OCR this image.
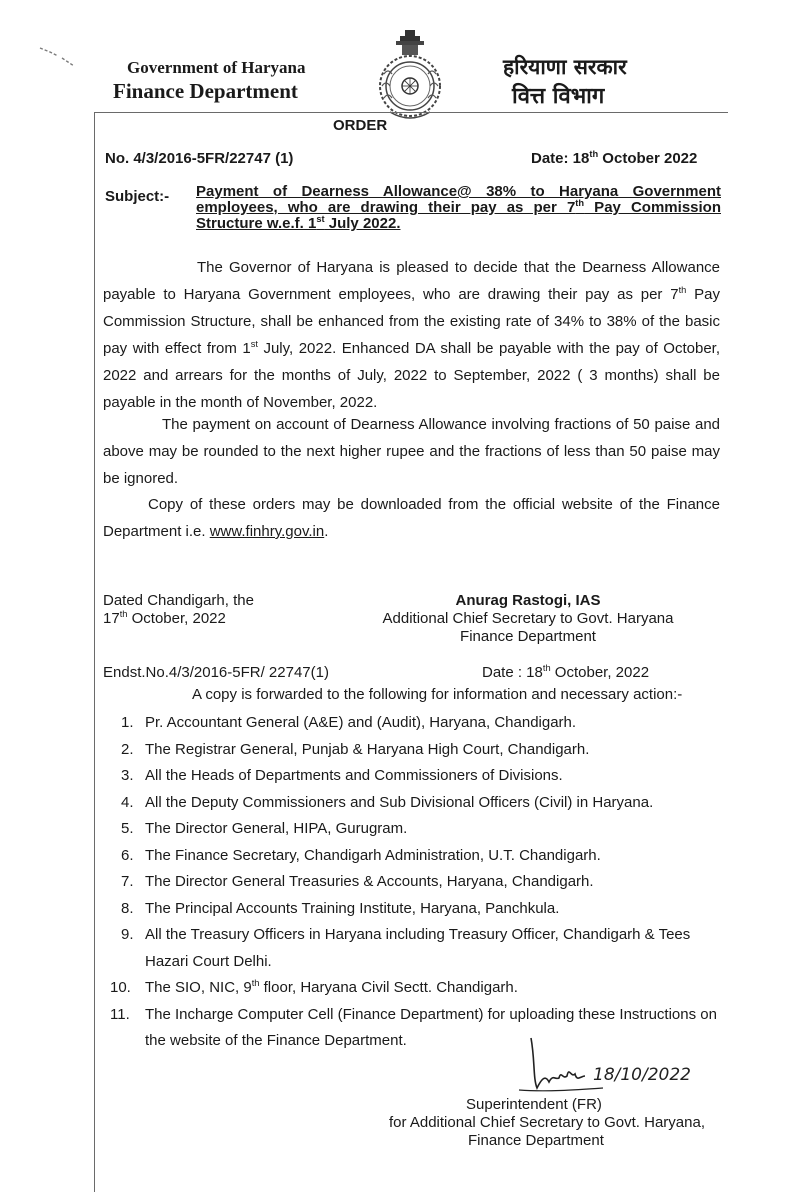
Government of Haryana
Finance Department
हरियाणा सरकार
वित्त विभाग
ORDER
No. 4/3/2016-5FR/22747 (1)	Date: 18th October 2022
Subject:- Payment of Dearness Allowance@ 38% to Haryana Government employees, who are drawing their pay as per 7th Pay Commission Structure w.e.f. 1st July 2022.
The Governor of Haryana is pleased to decide that the Dearness Allowance payable to Haryana Government employees, who are drawing their pay as per 7th Pay Commission Structure, shall be enhanced from the existing rate of 34% to 38% of the basic pay with effect from 1st July, 2022. Enhanced DA shall be payable with the pay of October, 2022 and arrears for the months of July, 2022 to September, 2022 ( 3 months) shall be payable in the month of November, 2022.
The payment on account of Dearness Allowance involving fractions of 50 paise and above may be rounded to the next higher rupee and the fractions of less than 50 paise may be ignored.
Copy of these orders may be downloaded from the official website of the Finance Department i.e. www.finhry.gov.in.
Dated Chandigarh, the
17th October, 2022
Anurag Rastogi, IAS
Additional Chief Secretary to Govt. Haryana
Finance Department
Endst.No.4/3/2016-5FR/ 22747(1)	Date : 18th October, 2022
A copy is forwarded to the following for information and necessary action:-
1. Pr. Accountant General (A&E) and (Audit), Haryana, Chandigarh.
2. The Registrar General, Punjab & Haryana High Court, Chandigarh.
3. All the Heads of Departments and Commissioners of Divisions.
4. All the Deputy Commissioners and Sub Divisional Officers (Civil) in Haryana.
5. The Director General, HIPA, Gurugram.
6. The Finance Secretary, Chandigarh Administration, U.T. Chandigarh.
7. The Director General Treasuries & Accounts, Haryana, Chandigarh.
8. The Principal Accounts Training Institute, Haryana, Panchkula.
9. All the Treasury Officers in Haryana including Treasury Officer, Chandigarh & Tees Hazari Court Delhi.
10. The SIO, NIC, 9th floor, Haryana Civil Sectt. Chandigarh.
11. The Incharge Computer Cell (Finance Department) for uploading these Instructions on the website of the Finance Department.
18/10/2022
Superintendent (FR)
for Additional Chief Secretary to Govt. Haryana,
Finance Department
